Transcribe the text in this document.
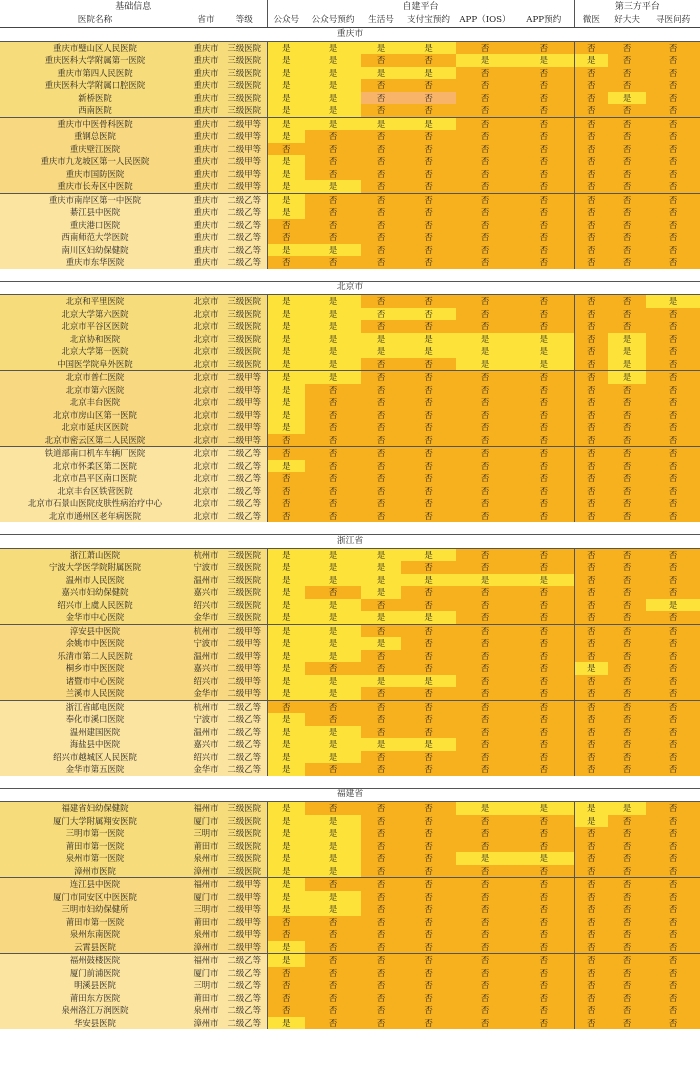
基础信息			自建平台						第三方平台		
医院名称	省市	等级	公众号	公众号预约	生活号	支付宝预约	APP（IOS）	APP预约	微医	好大夫	寻医问药
重庆市											
重庆市璧山区人民医院	重庆市	三级医院	是	是	是	是	否	否	否	否	否
重庆医科大学附属第一医院	重庆市	三级医院	是	是	否	否	是	是	是	否	否
重庆市第四人民医院	重庆市	三级医院	是	是	是	是	否	否	否	否	否
重庆医科大学附属口腔医院	重庆市	三级医院	是	是	否	否	否	否	否	否	否
新桥医院	重庆市	三级医院	是	是	否	否	否	否	否	是	否
西南医院	重庆市	三级医院	是	是	否	否	否	否	否	否	否
重庆市中医骨科医院	重庆市	二级甲等	是	是	是	是	否	否	否	否	否
重钢总医院	重庆市	二级甲等	是	否	否	否	否	否	否	否	否
重庆壁江医院	重庆市	二级甲等	否	否	否	否	否	否	否	否	否
重庆市九龙坡区第一人民医院	重庆市	二级甲等	是	否	否	否	否	否	否	否	否
重庆市国防医院	重庆市	二级甲等	是	否	否	否	否	否	否	否	否
重庆市长寿区中医院	重庆市	二级甲等	是	是	否	否	否	否	否	否	否
重庆市南岸区第一中医院	重庆市	二级乙等	是	否	否	否	否	否	否	否	否
綦江县中医院	重庆市	二级乙等	是	否	否	否	否	否	否	否	否
重庆港口医院	重庆市	二级乙等	否	否	否	否	否	否	否	否	否
西南师范大学医院	重庆市	二级乙等	否	否	否	否	否	否	否	否	否
南川区妇幼保健院	重庆市	二级乙等	是	是	否	否	否	否	否	否	否
重庆市东华医院	重庆市	二级乙等	否	否	否	否	否	否	否	否	否

北京市											
北京和平里医院	北京市	三级医院	是	是	否	否	否	否	否	否	是
北京大学第六医院	北京市	三级医院	是	是	否	否	否	否	否	否	否
北京市平谷区医院	北京市	三级医院	是	是	否	否	否	否	否	否	否
北京协和医院	北京市	三级医院	是	是	是	是	是	是	否	是	否
北京大学第一医院	北京市	三级医院	是	是	是	是	是	是	否	是	否
中国医学院阜外医院	北京市	三级医院	是	是	否	否	是	是	否	是	否
北京市普仁医院	北京市	二级甲等	是	是	否	否	否	否	否	是	否
北京市第六医院	北京市	二级甲等	是	否	否	否	否	否	否	否	否
北京丰台医院	北京市	二级甲等	是	否	否	否	否	否	否	否	否
北京市房山区第一医院	北京市	二级甲等	是	否	否	否	否	否	否	否	否
北京市延庆区医院	北京市	二级甲等	是	否	否	否	否	否	否	否	否
北京市密云区第二人民医院	北京市	二级甲等	否	否	否	否	否	否	否	否	否
铁道部南口机车车辆厂医院	北京市	二级乙等	否	否	否	否	否	否	否	否	否
北京市怀柔区第二医院	北京市	二级乙等	是	否	否	否	否	否	否	否	否
北京市昌平区南口医院	北京市	二级乙等	否	否	否	否	否	否	否	否	否
北京丰台区铁营医院	北京市	二级乙等	否	否	否	否	否	否	否	否	否
北京市石景山医院皮肤性病治疗中心	北京市	二级乙等	否	否	否	否	否	否	否	否	否
北京市通州区老年病医院	北京市	二级乙等	否	否	否	否	否	否	否	否	否

浙江省											
浙江萧山医院	杭州市	三级医院	是	是	是	是	否	否	否	否	否
宁波大学医学院附属医院	宁波市	三级医院	是	是	是	否	否	否	否	否	否
温州市人民医院	温州市	三级医院	是	是	是	是	是	是	否	否	否
嘉兴市妇幼保健院	嘉兴市	三级医院	是	否	是	否	否	否	否	否	否
绍兴市上虞人民医院	绍兴市	三级医院	是	是	否	否	否	否	否	否	是
金华市中心医院	金华市	三级医院	是	是	是	是	否	否	否	否	否
淳安县中医院	杭州市	二级甲等	是	是	否	否	否	否	否	否	否
余姚市中医医院	宁波市	二级甲等	是	是	是	否	否	否	否	否	否
乐清市第二人民医院	温州市	二级甲等	是	是	否	否	否	否	否	否	否
桐乡市中医医院	嘉兴市	二级甲等	是	否	否	否	否	否	是	否	否
诸暨市中心医院	绍兴市	二级甲等	是	是	是	是	否	否	否	否	否
兰溪市人民医院	金华市	二级甲等	是	是	否	否	否	否	否	否	否
浙江省邮电医院	杭州市	二级乙等	否	否	否	否	否	否	否	否	否
奉化市溪口医院	宁波市	二级乙等	是	否	否	否	否	否	否	否	否
温州建国医院	温州市	二级乙等	是	是	否	否	否	否	否	否	否
海盐县中医院	嘉兴市	二级乙等	是	是	是	是	否	否	否	否	否
绍兴市越城区人民医院	绍兴市	二级乙等	是	是	否	否	否	否	否	否	否
金华市第五医院	金华市	二级乙等	是	否	否	否	否	否	否	否	否

福建省											
福建省妇幼保健院	福州市	三级医院	是	否	否	否	是	是	是	是	否
厦门大学附属翔安医院	厦门市	三级医院	是	是	否	否	否	否	是	否	否
三明市第一医院	三明市	三级医院	是	是	否	否	否	否	否	否	否
莆田市第一医院	莆田市	三级医院	是	是	否	否	否	否	否	否	否
泉州市第一医院	泉州市	三级医院	是	是	否	否	是	是	否	否	否
漳州市医院	漳州市	三级医院	是	是	否	否	否	否	否	否	否
连江县中医院	福州市	二级甲等	是	否	否	否	否	否	否	否	否
厦门市同安区中医医院	厦门市	二级甲等	是	是	否	否	否	否	否	否	否
三明市妇幼保健所	三明市	二级甲等	是	是	否	否	否	否	否	否	否
莆田市第一医院	莆田市	二级甲等	否	否	否	否	否	否	否	否	否
泉州东南医院	泉州市	二级甲等	否	否	否	否	否	否	否	否	否
云霄县医院	漳州市	二级甲等	是	否	否	否	否	否	否	否	否
福州鼓楼医院	福州市	二级乙等	是	否	否	否	否	否	否	否	否
厦门前浦医院	厦门市	二级乙等	否	否	否	否	否	否	否	否	否
明溪县医院	三明市	二级乙等	否	否	否	否	否	否	否	否	否
莆田东方医院	莆田市	二级乙等	否	否	否	否	否	否	否	否	否
泉州洛江万润医院	泉州市	二级乙等	否	否	否	否	否	否	否	否	否
华安县医院	漳州市	二级乙等	是	否	否	否	否	否	否	否	否
动脉网
vcbeat.top
